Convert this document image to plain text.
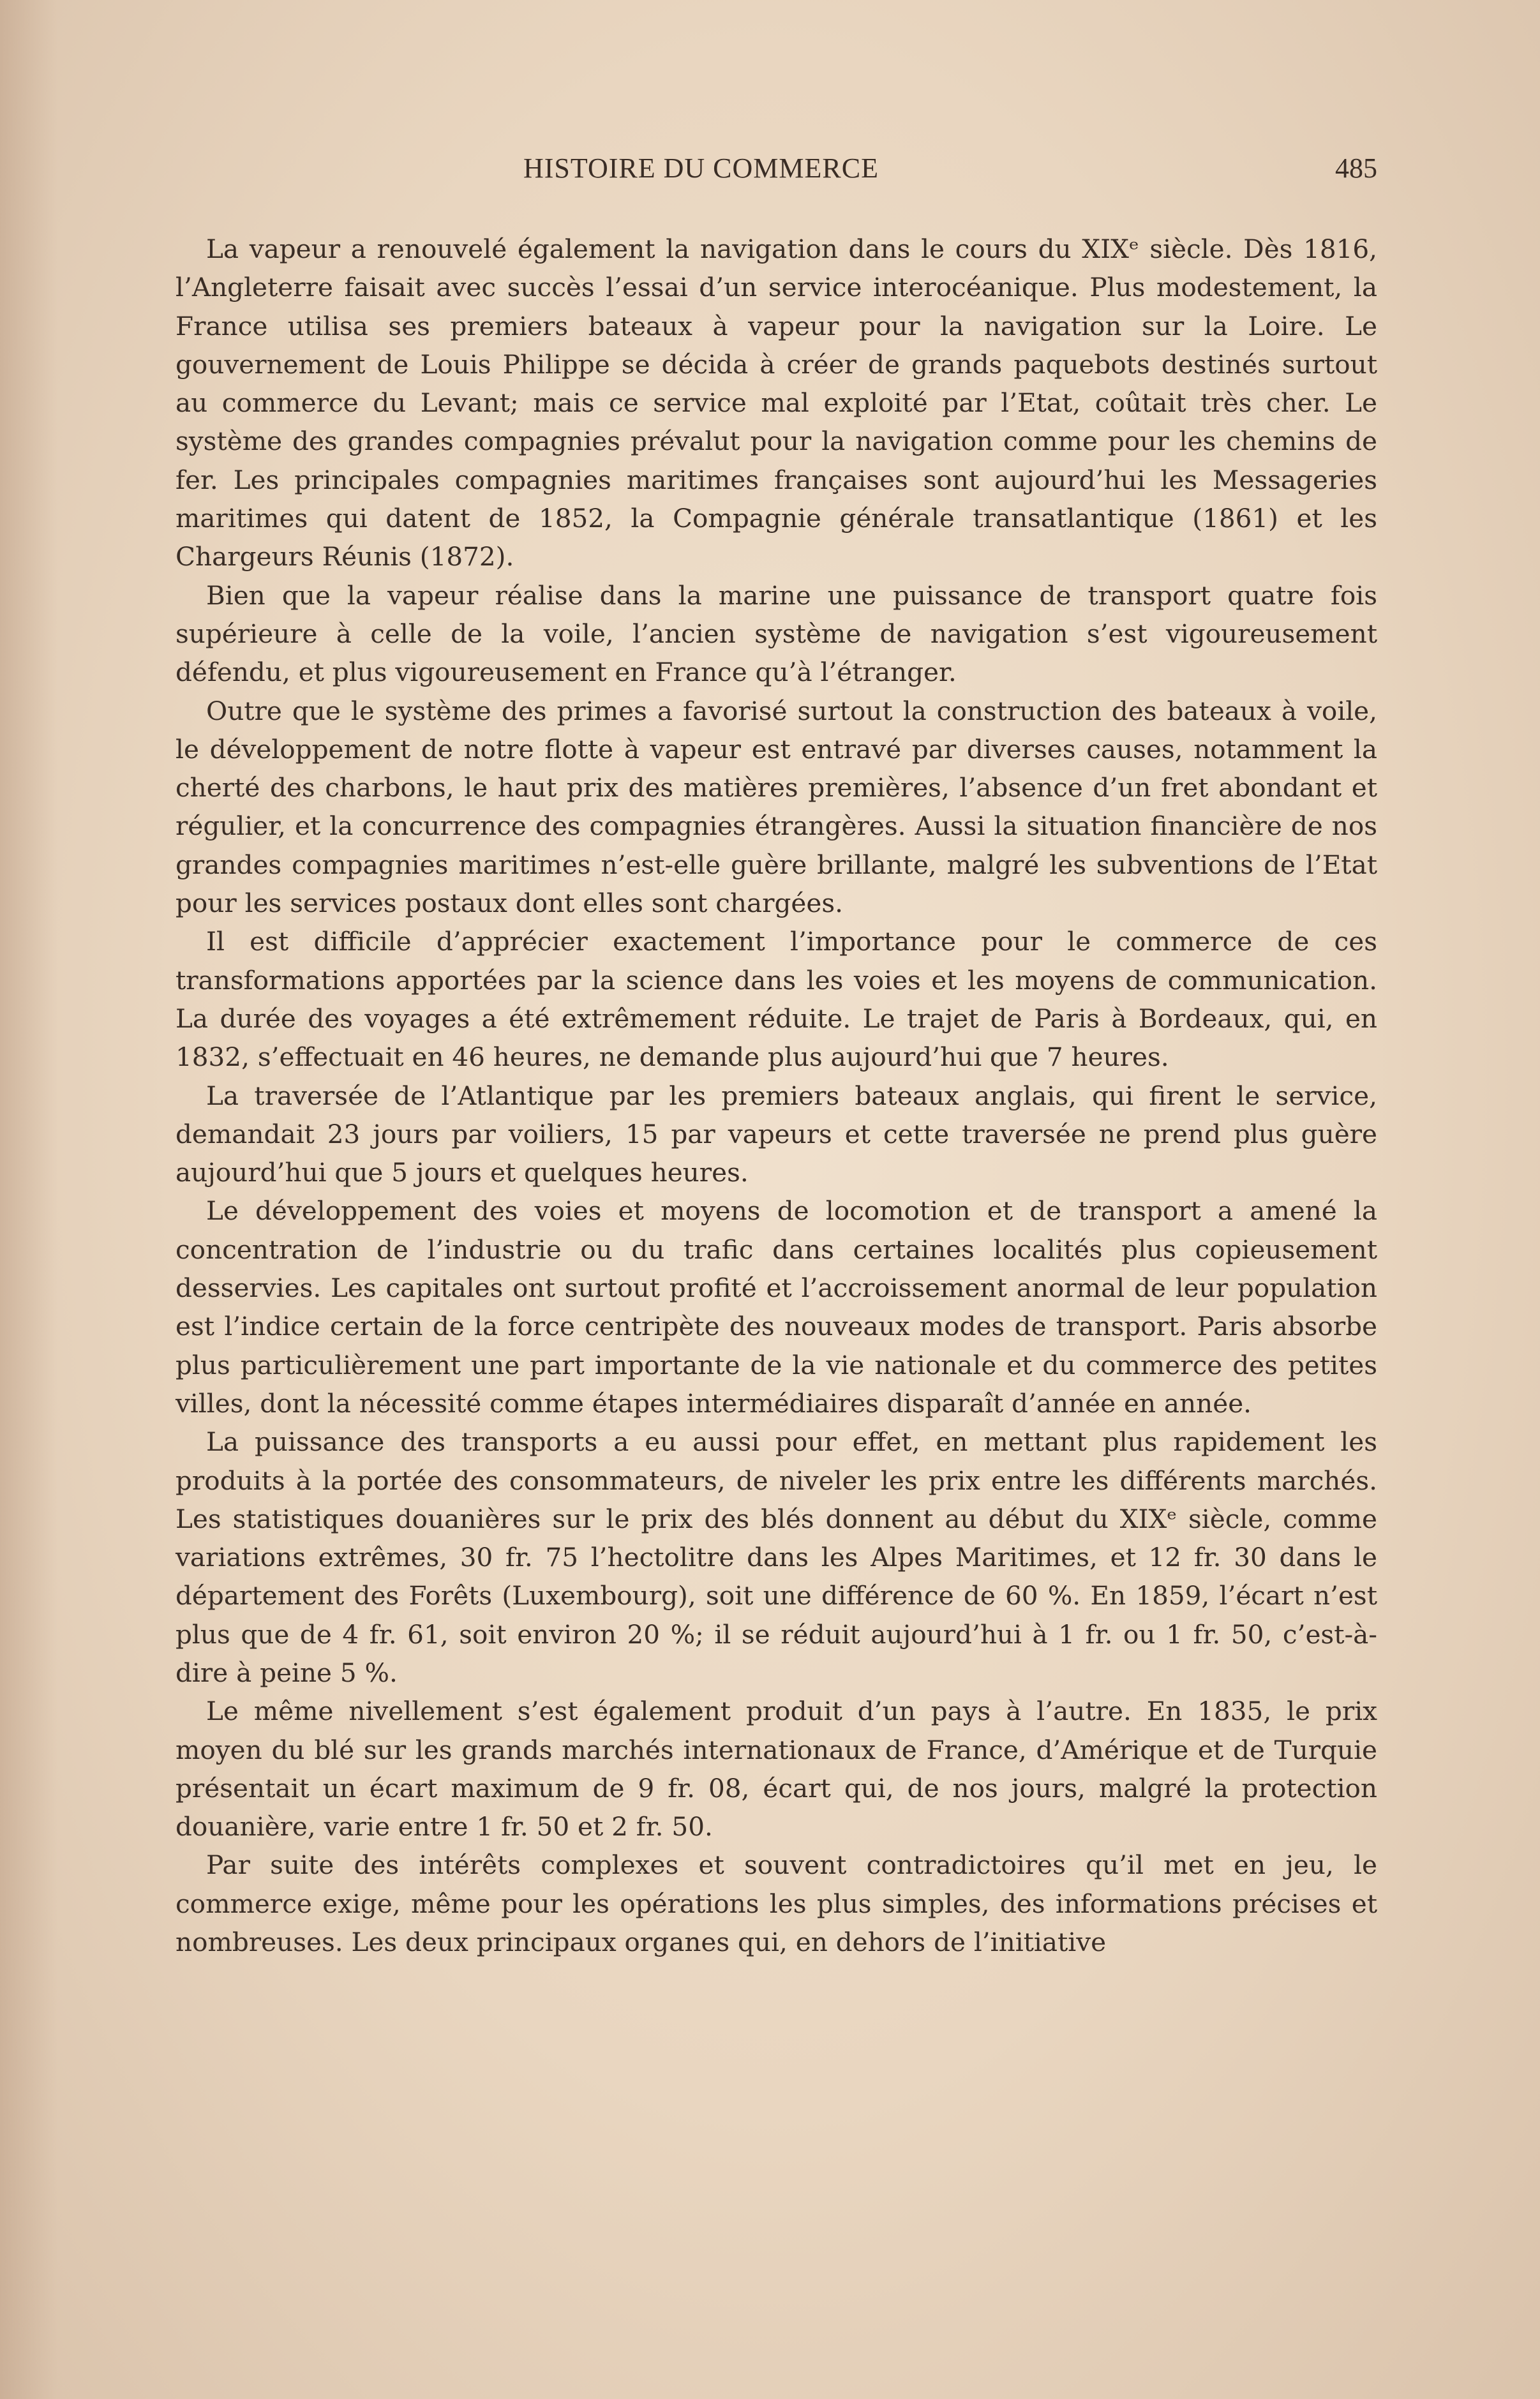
HISTOIRE DU COMMERCE	485

La vapeur a renouvelé également la navigation dans le cours du XIXᵉ siècle. Dès 1816, l’Angleterre faisait avec succès l’essai d’un service interocéanique. Plus modestement, la France utilisa ses premiers bateaux à vapeur pour la navigation sur la Loire. Le gouvernement de Louis Philippe se décida à créer de grands paquebots destinés surtout au commerce du Levant; mais ce service mal exploité par l’Etat, coûtait très cher. Le système des grandes compagnies prévalut pour la navigation comme pour les chemins de fer. Les principales compagnies maritimes françaises sont aujourd’hui les Messageries maritimes qui datent de 1852, la Compagnie générale transatlantique (1861) et les Chargeurs Réunis (1872).

Bien que la vapeur réalise dans la marine une puissance de transport quatre fois supérieure à celle de la voile, l’ancien système de navigation s’est vigoureusement défendu, et plus vigoureusement en France qu’à l’étranger.

Outre que le système des primes a favorisé surtout la construction des bateaux à voile, le développement de notre flotte à vapeur est entravé par diverses causes, notamment la cherté des charbons, le haut prix des matières premières, l’absence d’un fret abondant et régulier, et la concurrence des compagnies étrangères. Aussi la situation financière de nos grandes compagnies maritimes n’est-elle guère brillante, malgré les subventions de l’Etat pour les services postaux dont elles sont chargées.

Il est difficile d’apprécier exactement l’importance pour le commerce de ces transformations apportées par la science dans les voies et les moyens de communication. La durée des voyages a été extrêmement réduite. Le trajet de Paris à Bordeaux, qui, en 1832, s’effectuait en 46 heures, ne demande plus aujourd’hui que 7 heures.

La traversée de l’Atlantique par les premiers bateaux anglais, qui firent le service, demandait 23 jours par voiliers, 15 par vapeurs et cette traversée ne prend plus guère aujourd’hui que 5 jours et quelques heures.

Le développement des voies et moyens de locomotion et de transport a amené la concentration de l’industrie ou du trafic dans certaines localités plus copieusement desservies. Les capitales ont surtout profité et l’accroissement anormal de leur population est l’indice certain de la force centripète des nouveaux modes de transport. Paris absorbe plus particulièrement une part importante de la vie nationale et du commerce des petites villes, dont la nécessité comme étapes intermédiaires disparaît d’année en année.

La puissance des transports a eu aussi pour effet, en mettant plus rapidement les produits à la portée des consommateurs, de niveler les prix entre les différents marchés. Les statistiques douanières sur le prix des blés donnent au début du XIXᵉ siècle, comme variations extrêmes, 30 fr. 75 l’hectolitre dans les Alpes Maritimes, et 12 fr. 30 dans le département des Forêts (Luxembourg), soit une différence de 60 %. En 1859, l’écart n’est plus que de 4 fr. 61, soit environ 20 %; il se réduit aujourd’hui à 1 fr. ou 1 fr. 50, c’est-à-dire à peine 5 %.

Le même nivellement s’est également produit d’un pays à l’autre. En 1835, le prix moyen du blé sur les grands marchés internationaux de France, d’Amérique et de Turquie présentait un écart maximum de 9 fr. 08, écart qui, de nos jours, malgré la protection douanière, varie entre 1 fr. 50 et 2 fr. 50.

Par suite des intérêts complexes et souvent contradictoires qu’il met en jeu, le commerce exige, même pour les opérations les plus simples, des informations précises et nombreuses. Les deux principaux organes qui, en dehors de l’initiative
